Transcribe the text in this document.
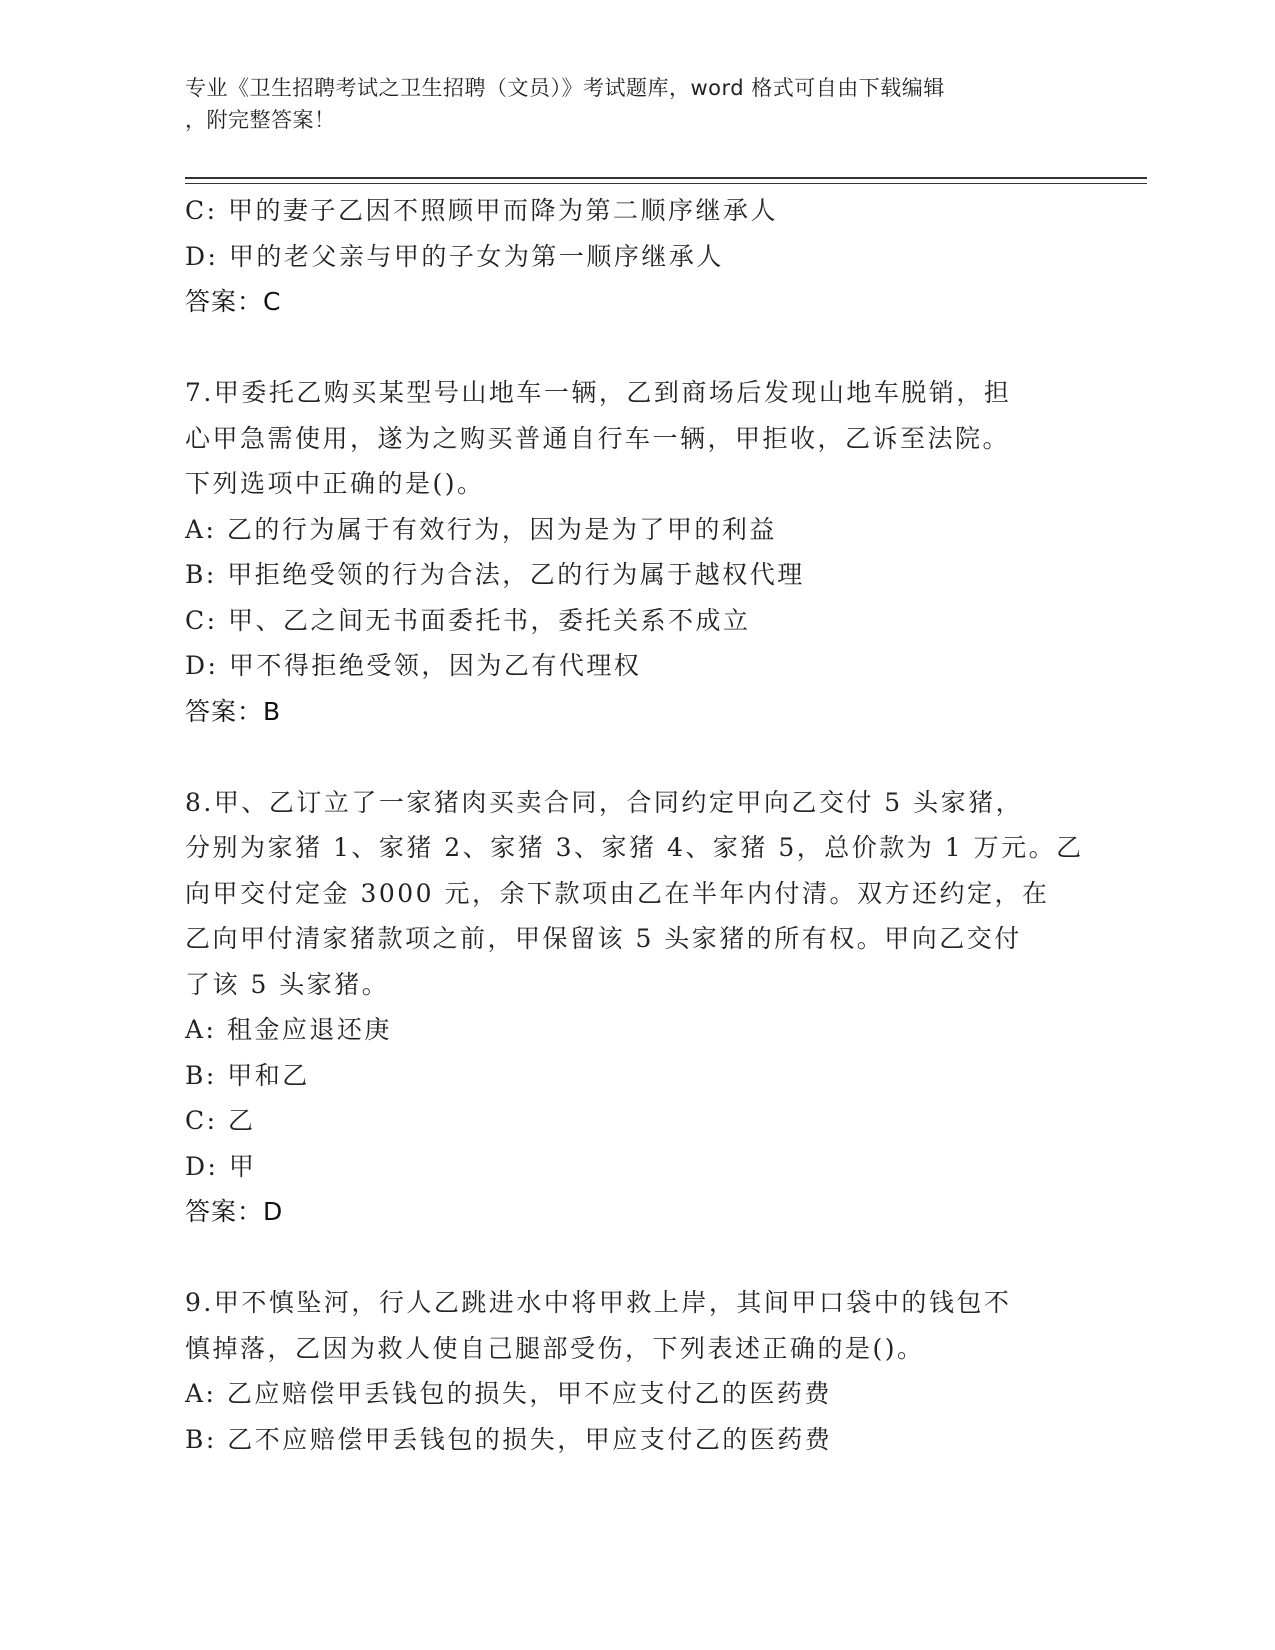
专业《卫生招聘考试之卫生招聘（文员）》考试题库，word 格式可自由下载编辑
，附完整答案！
C: 甲的妻子乙因不照顾甲而降为第二顺序继承人
D: 甲的老父亲与甲的子女为第一顺序继承人
答案：C
7.甲委托乙购买某型号山地车一辆，乙到商场后发现山地车脱销，担
心甲急需使用，遂为之购买普通自行车一辆，甲拒收，乙诉至法院。
下列选项中正确的是()。
A: 乙的行为属于有效行为，因为是为了甲的利益
B: 甲拒绝受领的行为合法，乙的行为属于越权代理
C: 甲、乙之间无书面委托书，委托关系不成立
D: 甲不得拒绝受领，因为乙有代理权
答案：B
8.甲、乙订立了一家猪肉买卖合同，合同约定甲向乙交付 5 头家猪，
分别为家猪 1、家猪 2、家猪 3、家猪 4、家猪 5，总价款为 1 万元。乙
向甲交付定金 3000 元，余下款项由乙在半年内付清。双方还约定，在
乙向甲付清家猪款项之前，甲保留该 5 头家猪的所有权。甲向乙交付
了该 5 头家猪。
A: 租金应退还庚
B: 甲和乙
C: 乙
D: 甲
答案：D
9.甲不慎坠河，行人乙跳进水中将甲救上岸，其间甲口袋中的钱包不
慎掉落，乙因为救人使自己腿部受伤，下列表述正确的是()。
A: 乙应赔偿甲丢钱包的损失，甲不应支付乙的医药费
B: 乙不应赔偿甲丢钱包的损失，甲应支付乙的医药费
